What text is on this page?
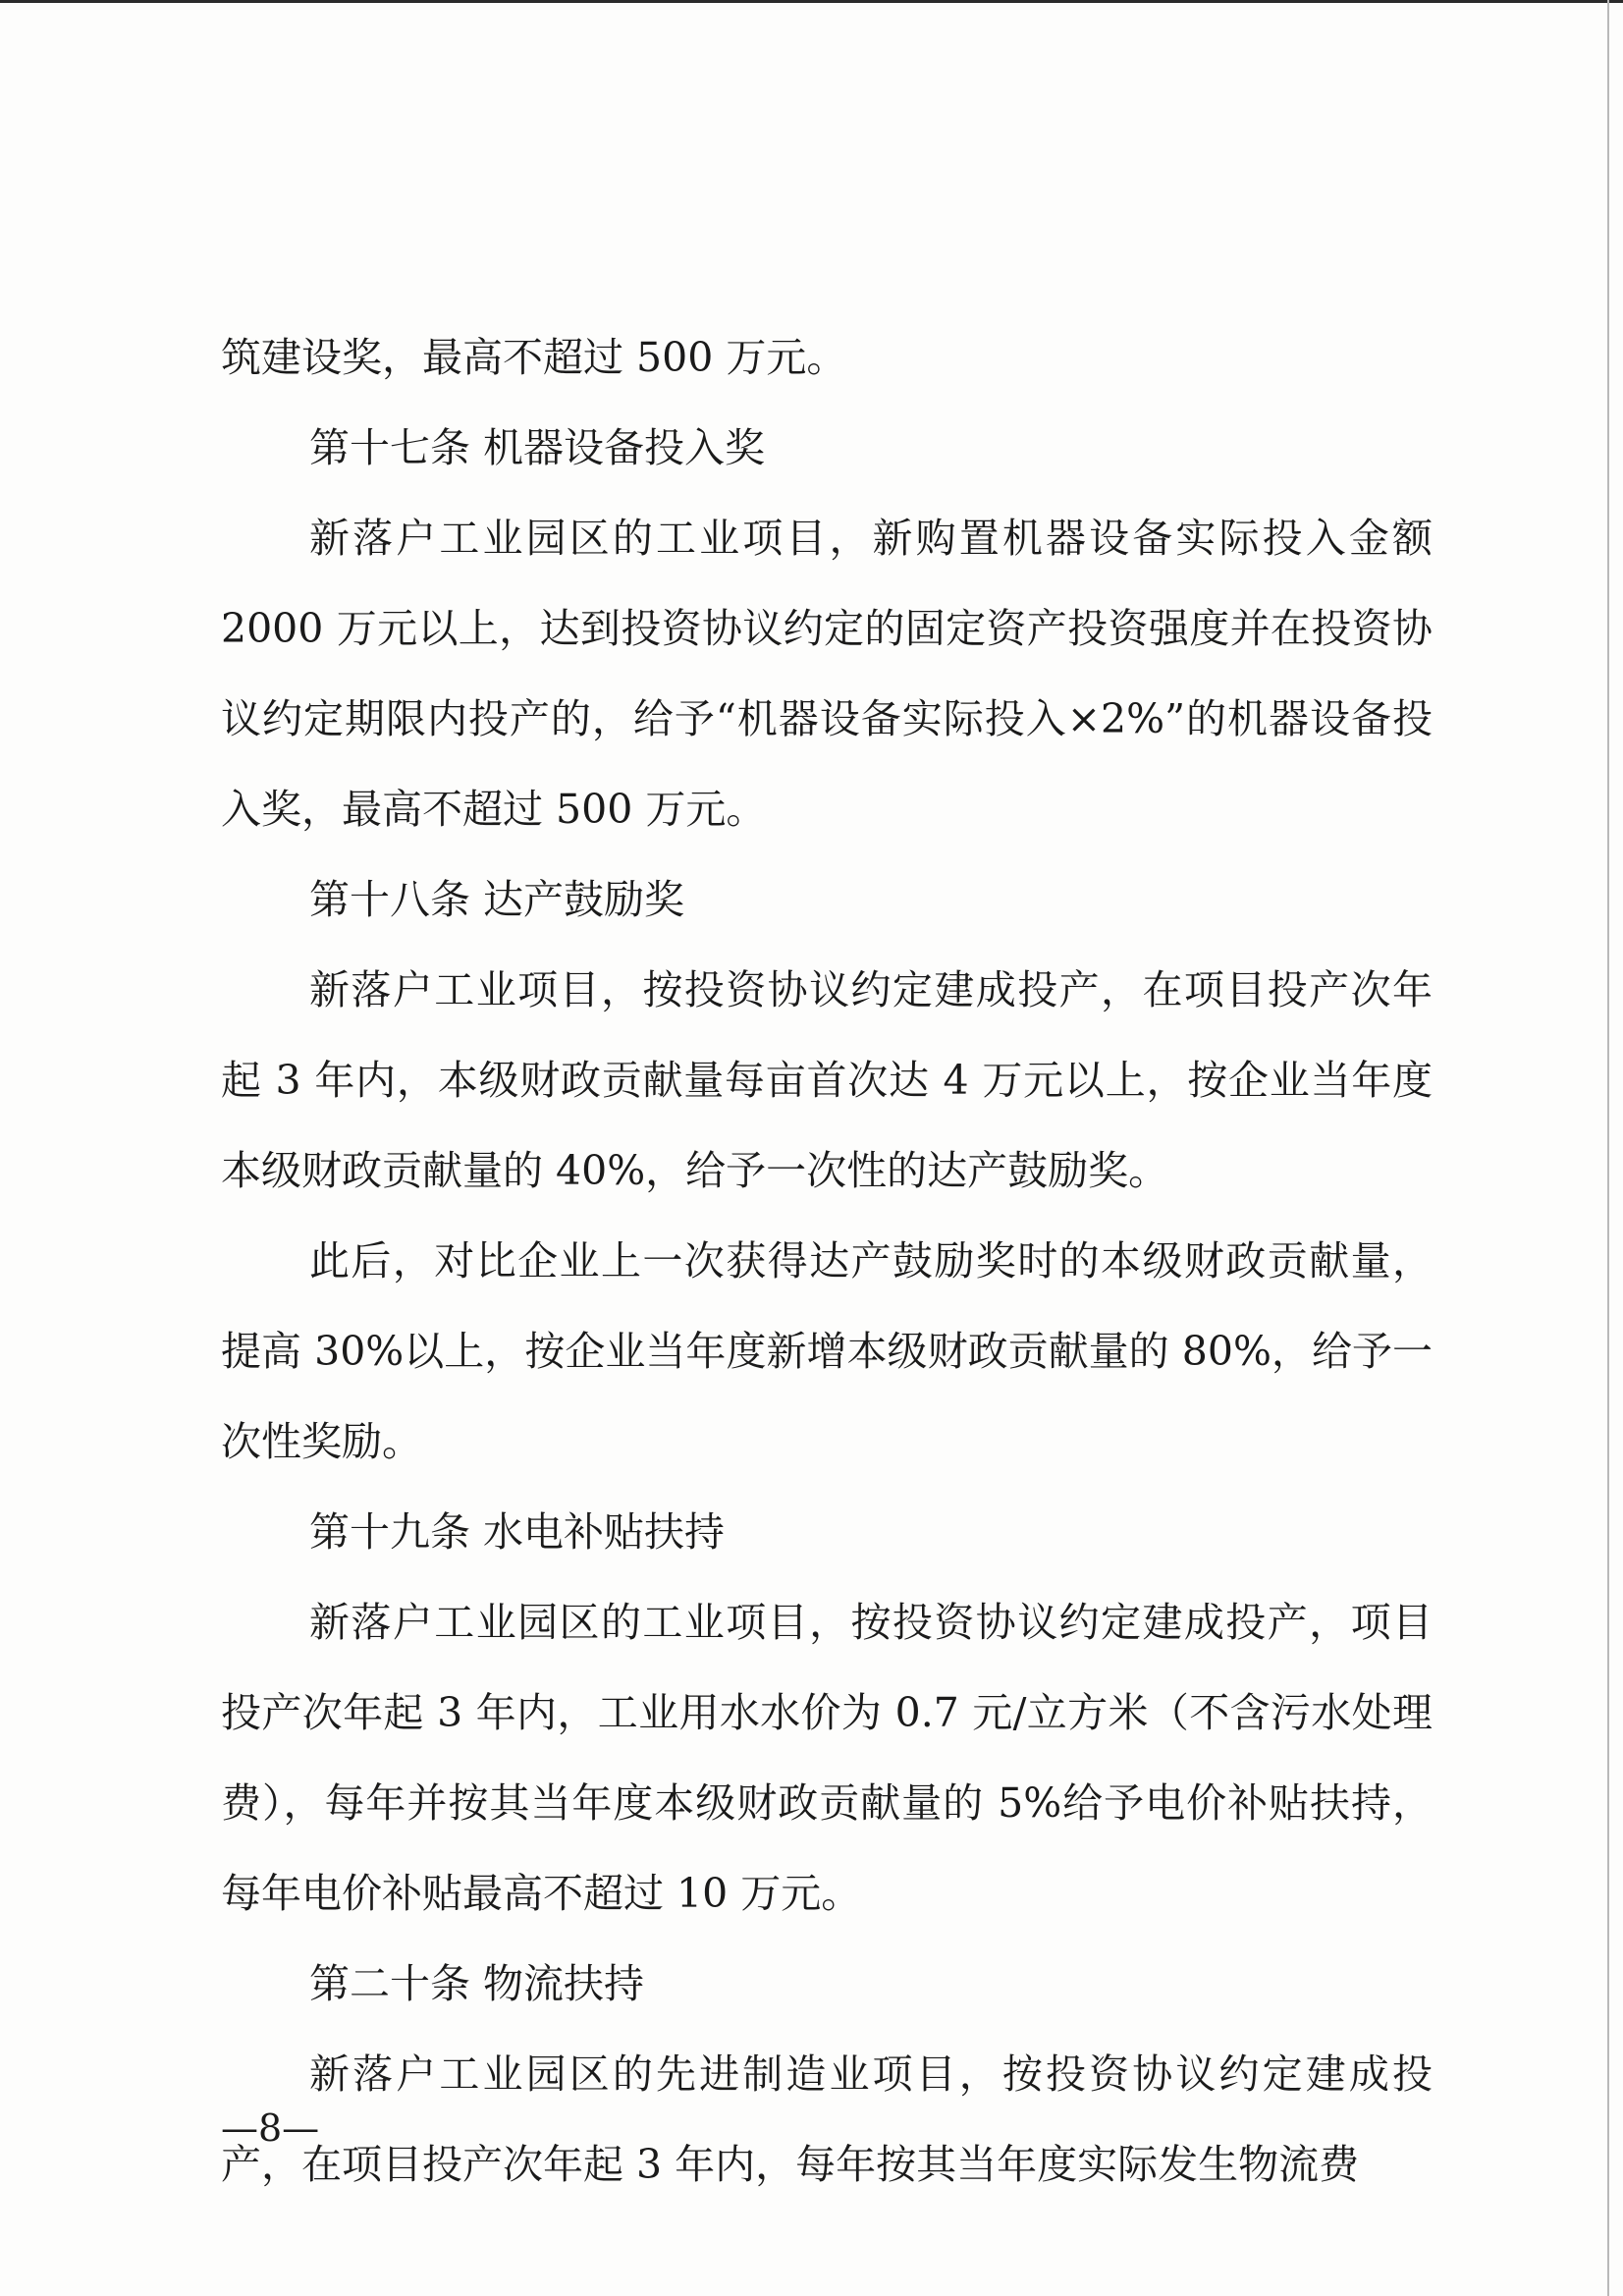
筑建设奖，最高不超过 500 万元。

第十七条 机器设备投入奖

新落户工业园区的工业项目，新购置机器设备实际投入金额 2000 万元以上，达到投资协议约定的固定资产投资强度并在投资协议约定期限内投产的，给予“机器设备实际投入×2%”的机器设备投入奖，最高不超过 500 万元。

第十八条 达产鼓励奖

新落户工业项目，按投资协议约定建成投产，在项目投产次年起 3 年内，本级财政贡献量每亩首次达 4 万元以上，按企业当年度本级财政贡献量的 40%，给予一次性的达产鼓励奖。

此后，对比企业上一次获得达产鼓励奖时的本级财政贡献量，提高 30%以上，按企业当年度新增本级财政贡献量的 80%，给予一次性奖励。

第十九条 水电补贴扶持

新落户工业园区的工业项目，按投资协议约定建成投产，项目投产次年起 3 年内，工业用水水价为 0.7 元/立方米（不含污水处理费），每年并按其当年度本级财政贡献量的 5%给予电价补贴扶持，每年电价补贴最高不超过 10 万元。

第二十条 物流扶持

新落户工业园区的先进制造业项目，按投资协议约定建成投产，在项目投产次年起 3 年内，每年按其当年度实际发生物流费

—8—
